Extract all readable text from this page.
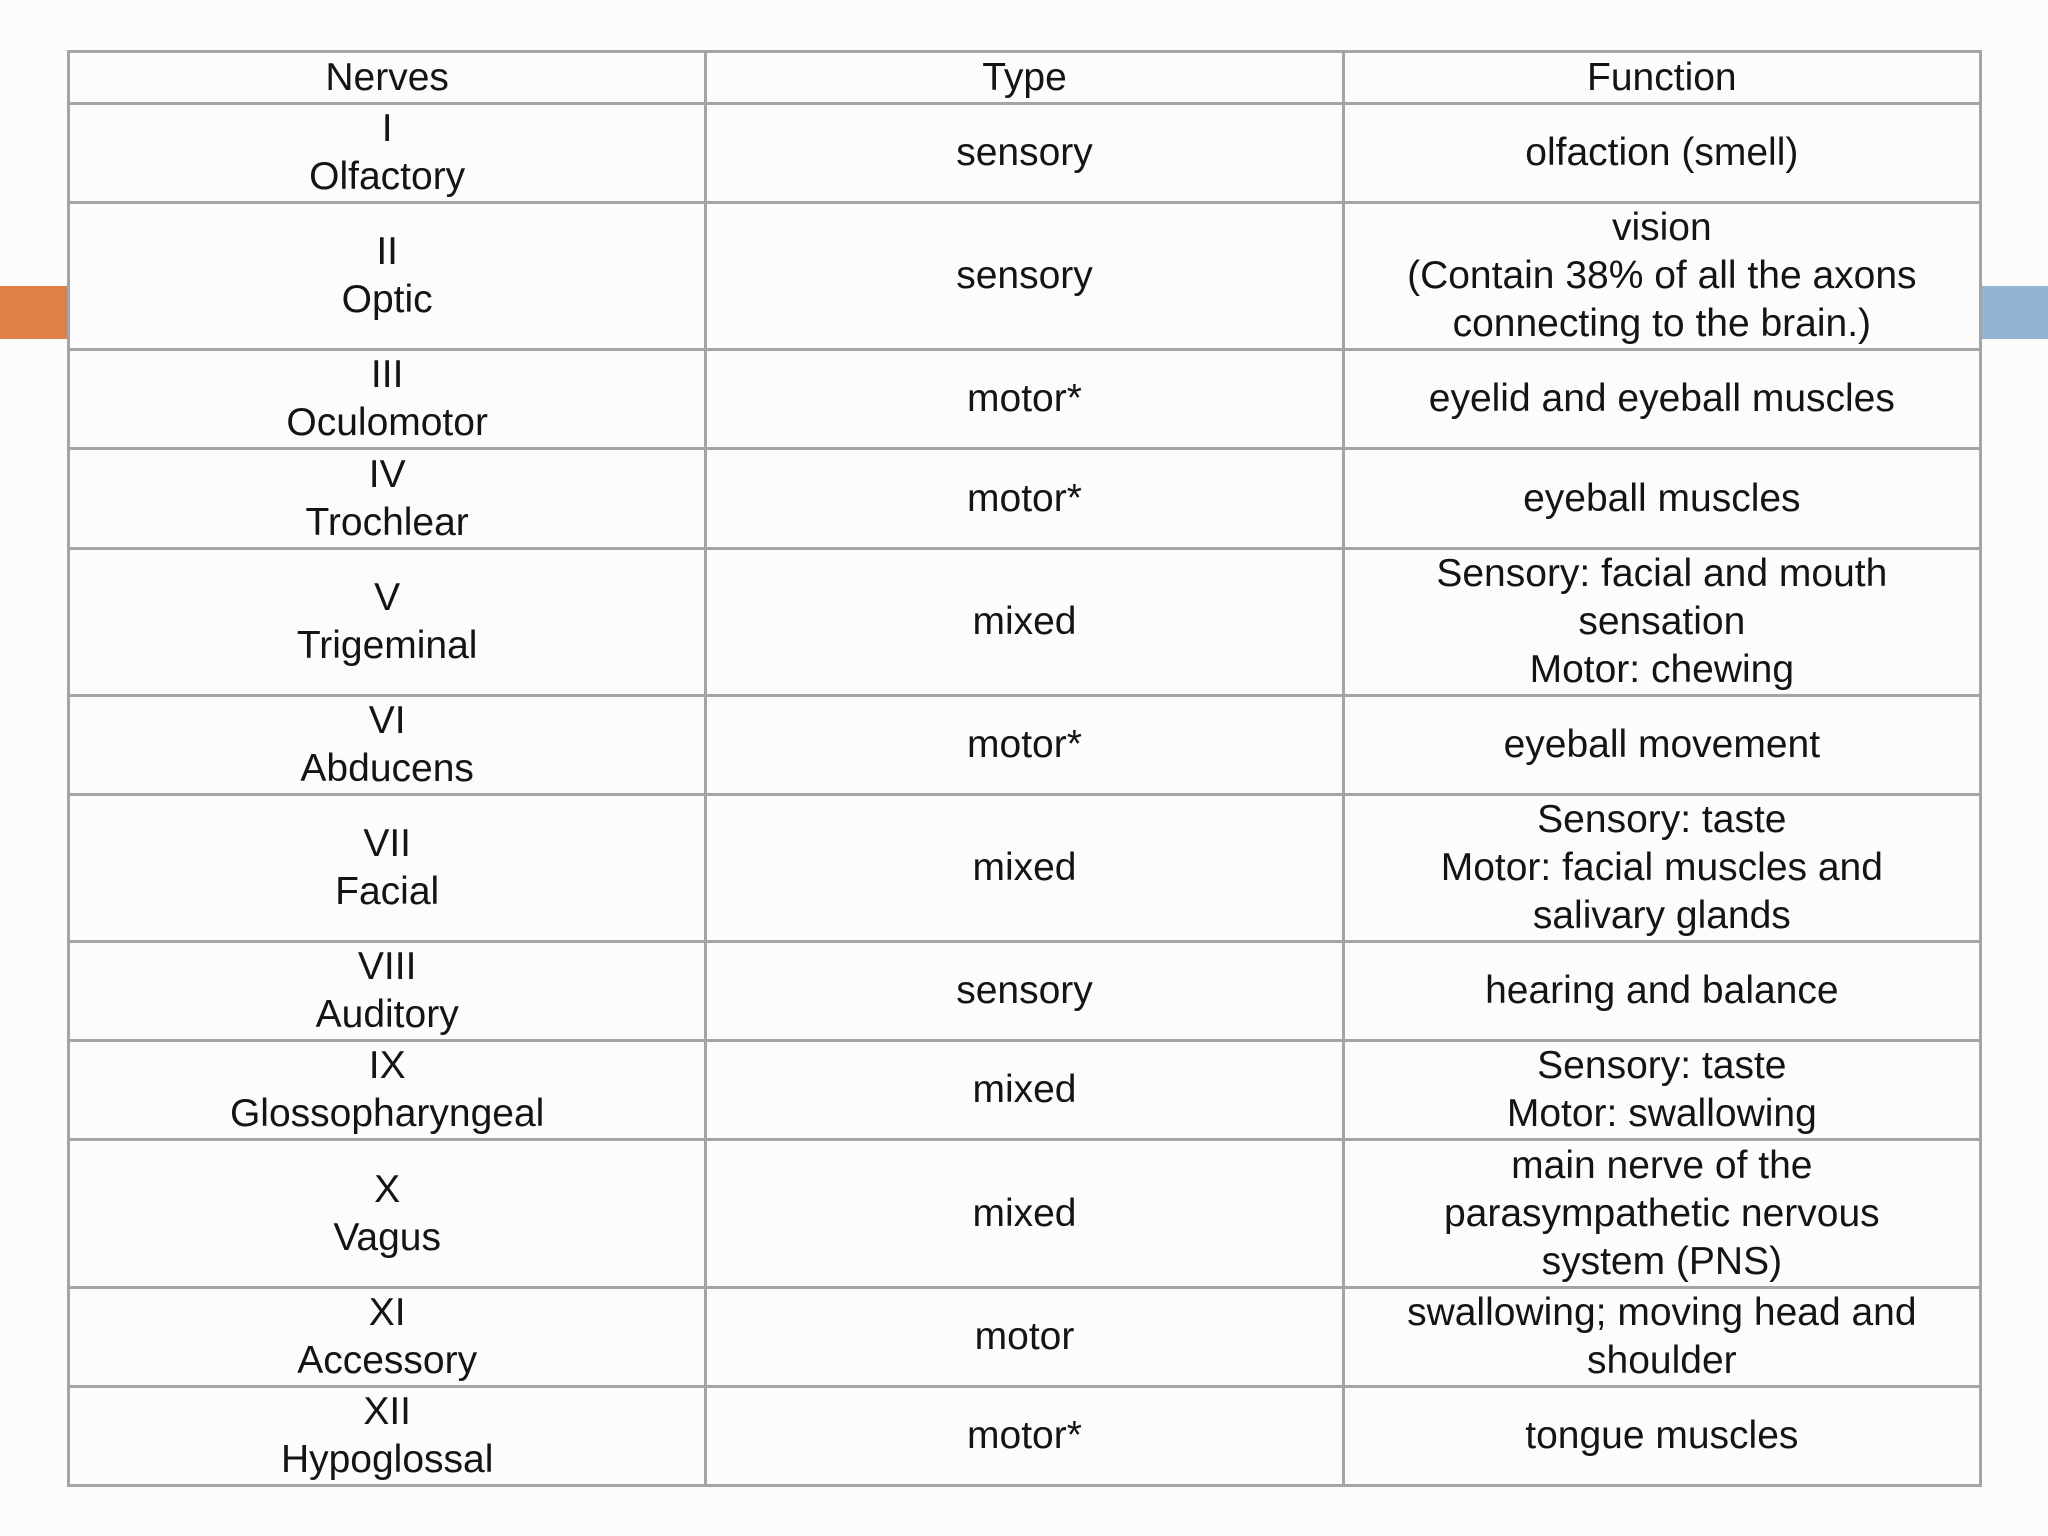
Nerves	Type	Function

I
Olfactory	sensory	olfaction (smell)

II
Optic	sensory	vision
(Contain 38% of all the axons
connecting to the brain.)

III
Oculomotor	motor*	eyelid and eyeball muscles

IV
Trochlear	motor*	eyeball muscles

V
Trigeminal	mixed	Sensory: facial and mouth
sensation
Motor: chewing

VI
Abducens	motor*	eyeball movement

VII
Facial	mixed	Sensory: taste
Motor: facial muscles and
salivary glands

VIII
Auditory	sensory	hearing and balance

IX
Glossopharyngeal	mixed	Sensory: taste
Motor: swallowing

X
Vagus	mixed	main nerve of the
parasympathetic nervous
system (PNS)

XI
Accessory	motor	swallowing; moving head and
shoulder

XII
Hypoglossal	motor*	tongue muscles
